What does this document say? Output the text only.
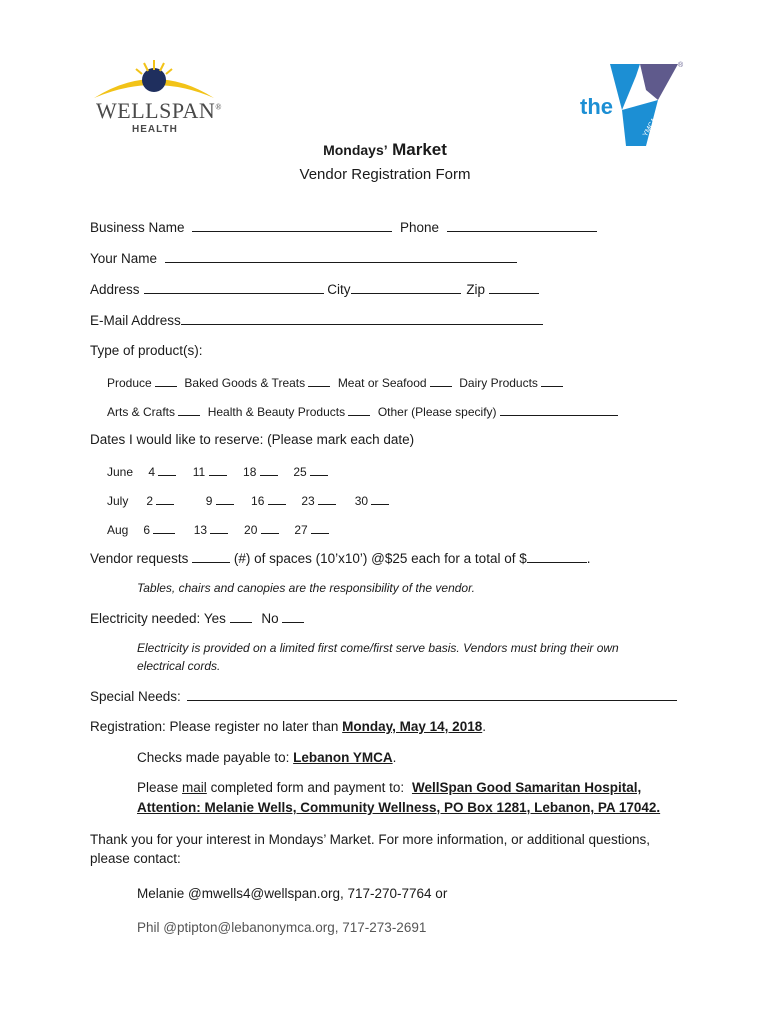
WELLSPAN®
HEALTH
the
YMCA
®
Mondays’ Market
Vendor Registration Form
Business Name	Phone
Your Name
Address	City	Zip
E-Mail Address
Type of product(s):
Produce	Baked Goods & Treats	Meat or Seafood	Dairy Products
Arts & Crafts	Health & Beauty Products	Other (Please specify)
Dates I would like to reserve: (Please mark each date)
June 4	11	18	25
July 2	9	16	23	30
Aug 6	13	20	27
Vendor requests	(#) of spaces (10’x10’) @$25 each for a total of $	.
Tables, chairs and canopies are the responsibility of the vendor.
Electricity needed: Yes	No
Electricity is provided on a limited first come/first serve basis. Vendors must bring their own
electrical cords.
Special Needs:
Registration: Please register no later than Monday, May 14, 2018.
Checks made payable to: Lebanon YMCA.
Please mail completed form and payment to: WellSpan Good Samaritan Hospital,
Attention: Melanie Wells, Community Wellness, PO Box 1281, Lebanon, PA 17042.
Thank you for your interest in Mondays’ Market. For more information, or additional questions,
please contact:
Melanie @mwells4@wellspan.org, 717-270-7764 or
Phil @ptipton@lebanonymca.org, 717-273-2691
